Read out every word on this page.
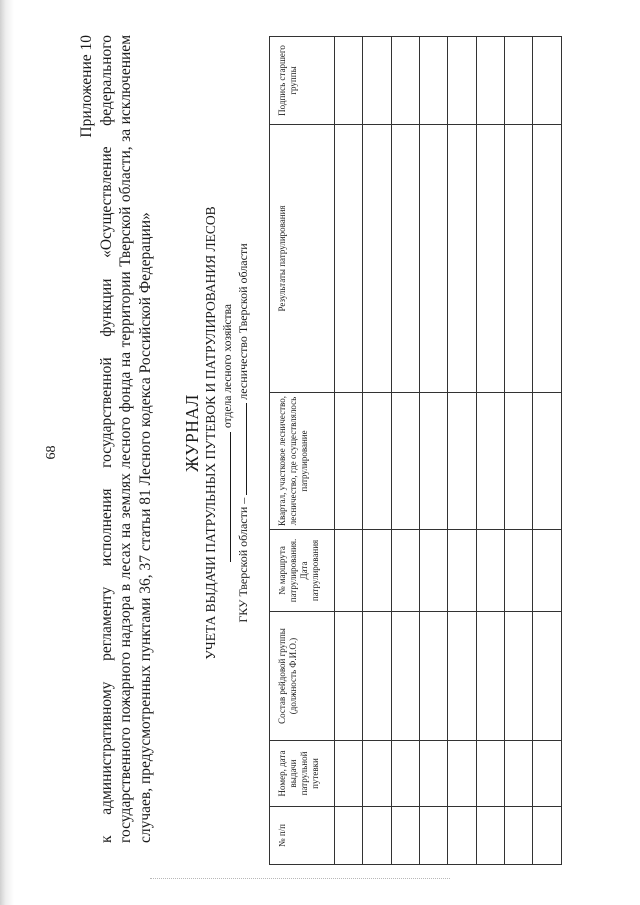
68
Приложение 10 к административному регламенту исполнения государственной функции «Осуществление федерального государственного пожарного надзора в лесах на землях лесного фонда на территории Тверской области, за исключением случаев, предусмотренных пунктами 36, 37 статьи 81 Лесного кодекса Российской Федерации» ЖУРНАЛ УЧЕТА ВЫДАЧИ ПАТРУЛЬНЫХ ПУТЕВОК И ПАТРУЛИРОВАНИЯ ЛЕСОВ отдела лесного хозяйства
ГКУ Тверской области –лесничество Тверской области
№ п/п	Номер, дата выдачи патрульной путевки	Состав рейдовой группы (должность Ф.И.О.)	№ маршрута патрулирования. Дата патрулирования	Квартал, участковое лесничество, лесничество, где осуществлялось патрулирование	Результаты патрулирования	Подпись старшего группы
